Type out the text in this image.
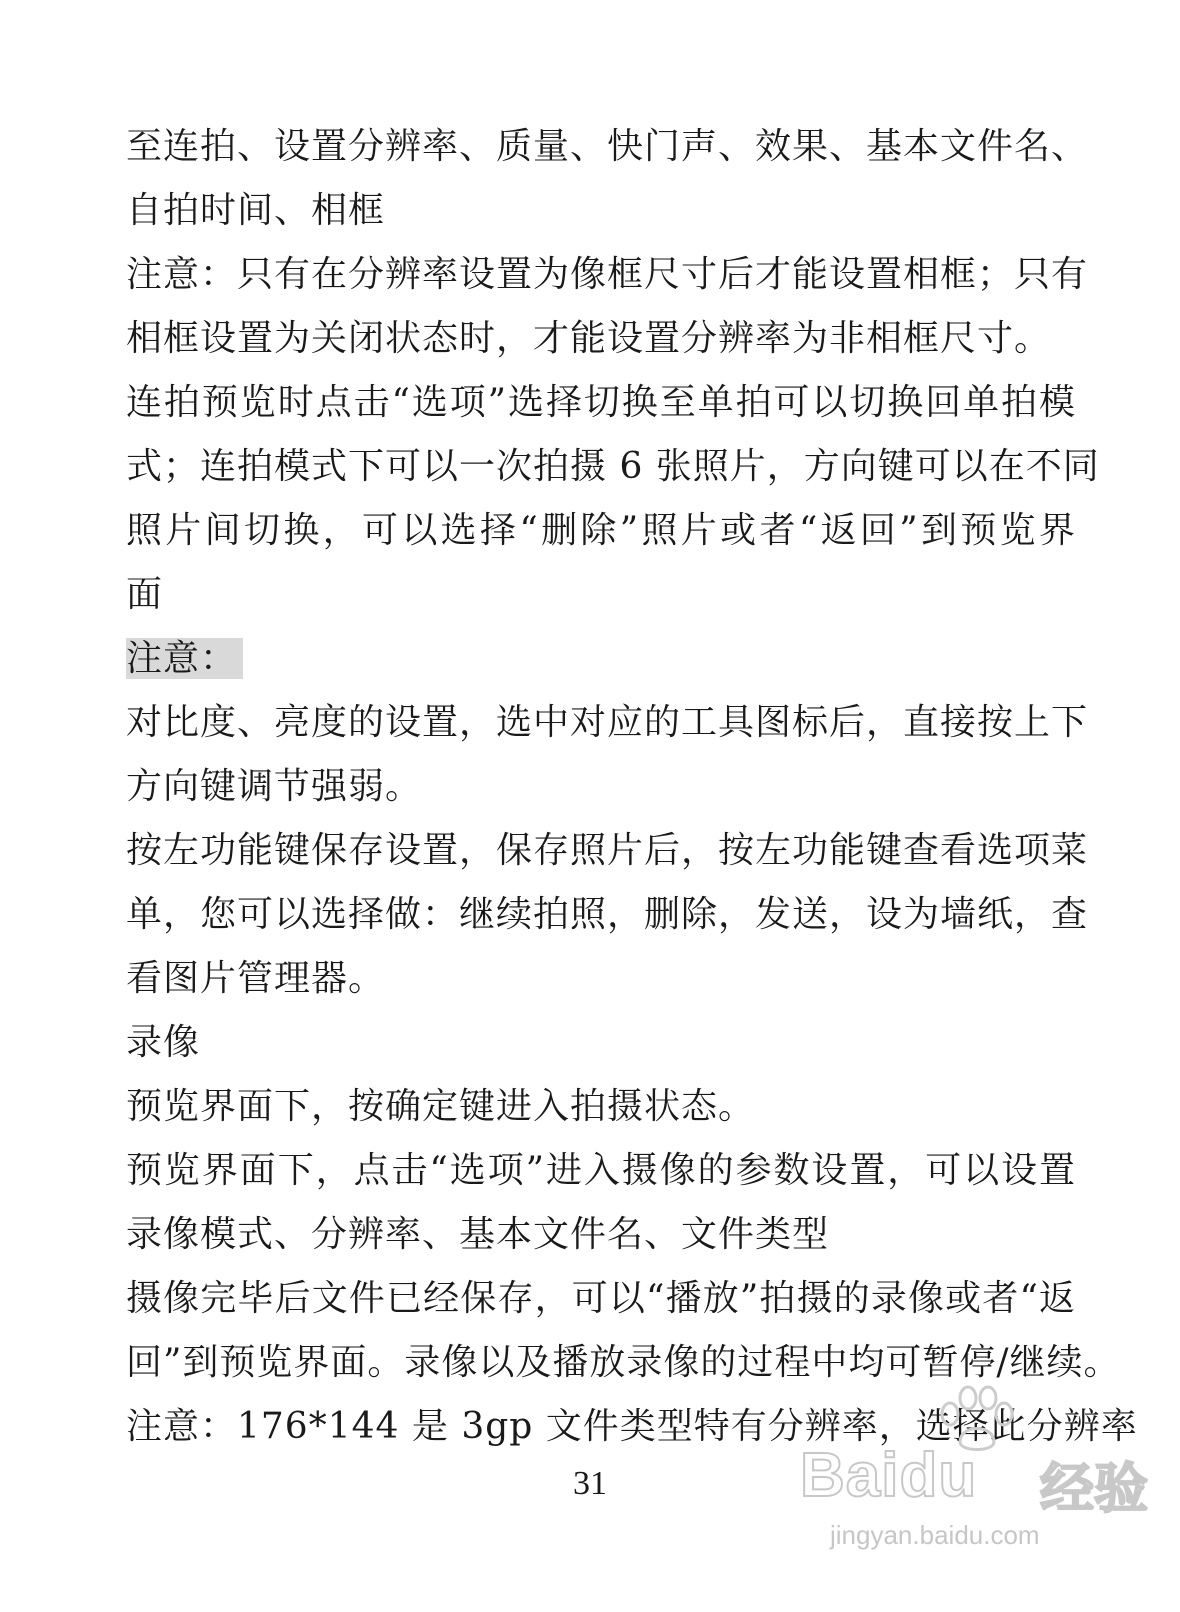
至连拍、设置分辨率、质量、快门声、效果、基本文件名、
自拍时间、相框
注意：只有在分辨率设置为像框尺寸后才能设置相框；只有
相框设置为关闭状态时，才能设置分辨率为非相框尺寸。
连拍预览时点击“选项”选择切换至单拍可以切换回单拍模
式；连拍模式下可以一次拍摄 6 张照片，方向键可以在不同
照片间切换，可以选择“删除”照片或者“返回”到预览界
面
注意：
对比度、亮度的设置，选中对应的工具图标后，直接按上下
方向键调节强弱。
按左功能键保存设置，保存照片后，按左功能键查看选项菜
单，您可以选择做：继续拍照，删除，发送，设为墙纸，查
看图片管理器。
录像
预览界面下，按确定键进入拍摄状态。
预览界面下，点击“选项”进入摄像的参数设置，可以设置
录像模式、分辨率、基本文件名、文件类型
摄像完毕后文件已经保存，可以“播放”拍摄的录像或者“返
回”到预览界面。录像以及播放录像的过程中均可暂停/继续。
注意：176*144 是 3gp 文件类型特有分辨率，选择此分辨率
31	Baidu 经验
jingyan.baidu.com
